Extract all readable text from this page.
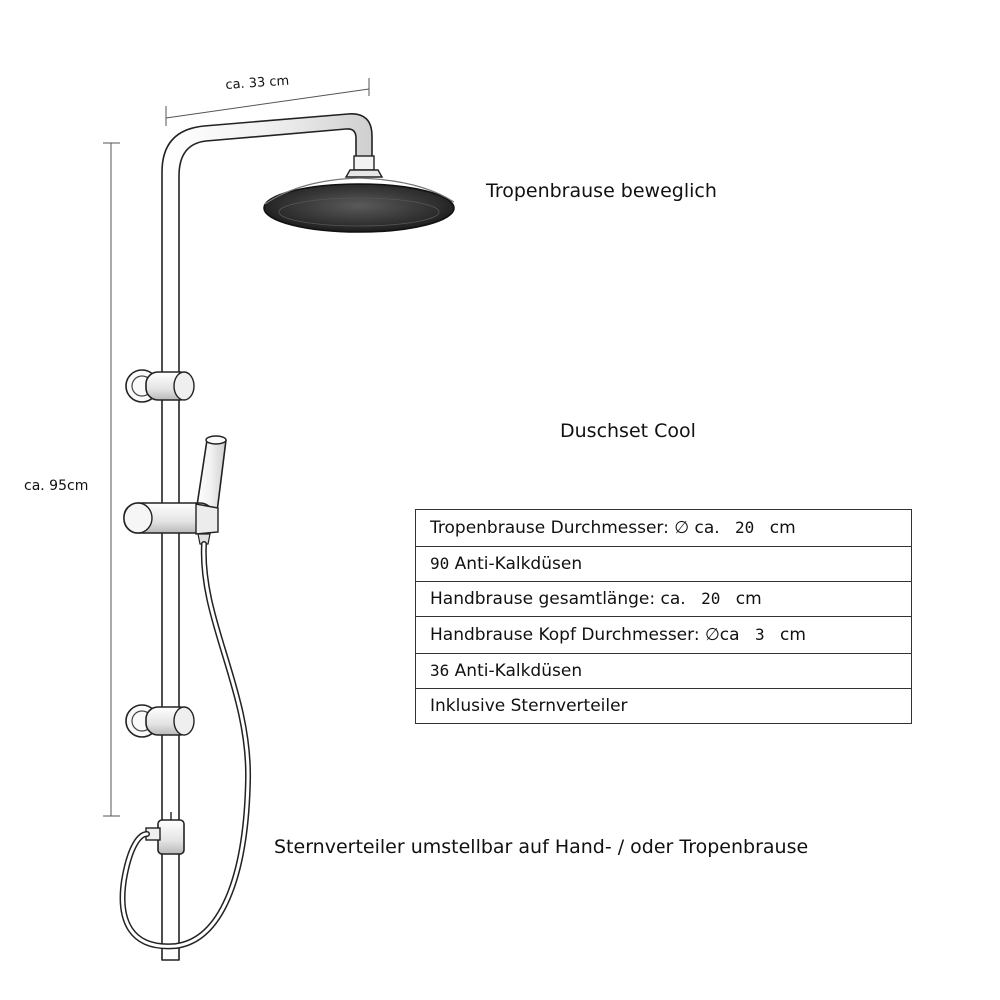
ca. 33 cm
ca. 95cm
Tropenbrause beweglich
Duschset Cool
Tropenbrause Durchmesser: ∅ ca. 20 cm
90 Anti-Kalkdüsen
Handbrause gesamtlänge: ca. 20 cm
Handbrause Kopf Durchmesser: ∅ca 3 cm
36 Anti-Kalkdüsen
Inklusive Sternverteiler
Sternverteiler umstellbar auf Hand- / oder Tropenbrause
